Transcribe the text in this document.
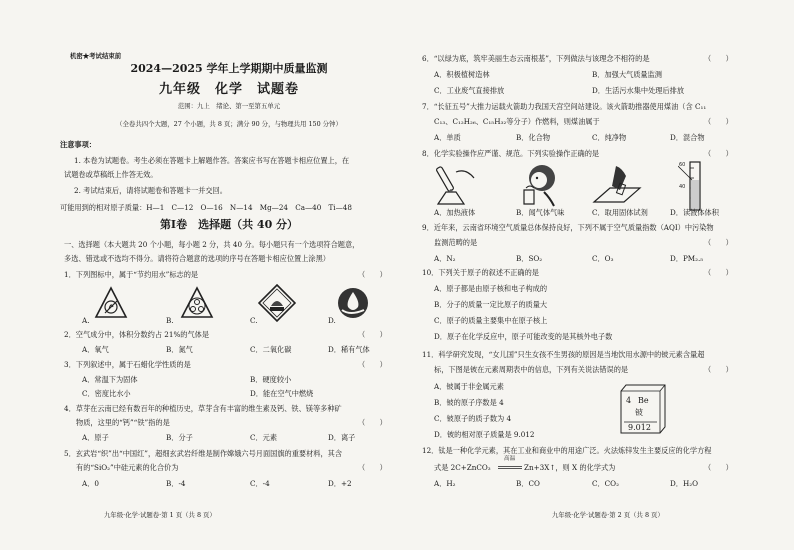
机密★考试结束前
2024—2025 学年上学期期中质量监测
九年级　化学　试题卷
范围：九上　绪论、第一至第五单元
（全卷共四个大题，27 个小题，共 8 页；满分 90 分，与物理共用 150 分钟）
注意事项：
1. 本卷为试题卷。考生必须在答题卡上解题作答。答案应书写在答题卡相应位置上，在
试题卷或草稿纸上作答无效。
2. 考试结束后，请将试题卷和答题卡一并交回。
可能用到的相对原子质量：H—1　C—12　O—16　N—14　Mg—24　Ca—40　Ti—48
第Ⅰ卷　选择题（共 40 分）
一、选择题（本大题共 20 个小题，每小题 2 分，共 40 分。每小题只有一个选项符合题意，
多选、错选或不选均不得分。请将符合题意的选项的序号在答题卡相应位置上涂黑）
1．下列图标中，属于“节约用水”标志的是	（　　）
A.	B.	C.	D.
2．空气成分中，体积分数约占 21%的气体是	（　　）
A．氧气	B．氮气	C．二氧化碳	D．稀有气体
3．下列叙述中，属于石蜡化学性质的是	（　　）
A．常温下为固体	B．硬度较小
C．密度比水小	D．能在空气中燃烧
4．草芽在云南已经有数百年的种植历史，草芽含有丰富的维生素及钙、铁、镁等多种矿
物质，这里的“钙”“铁”指的是	（　　）
A．原子	B．分子	C．元素	D．离子
5．玄武岩“织”出“中国红”，超细玄武岩纤维是制作嫦娥六号月面国旗的重要材料，其含
有的“SiO₂”中硅元素的化合价为	（　　）
A．0	B．-4	C．-4	D．+2
九年级·化学·试题卷·第 1 页（共 8 页）
6．“以绿为底，筑牢美丽生态云南根基”，下列做法与该理念不相符的是	（　　）
A．积极植树造林	B．加强大气质量监测
C．工业废气直接排放	D．生活污水集中处理后排放
7．“长征五号”大推力运载火箭助力我国天宫空间站建设。该火箭助推器使用煤油（含 C₁₁
C₁₃、C₁₂H₂₆、C₁₅H₃₂等分子）作燃料，则煤油属于	（　　）
A．单质	B．化合物	C．纯净物	D．混合物
8．化学实验操作应严谨、规范。下列实验操作正确的是	（　　）
60
40
A．加热液体	B．闻气体气味	C．取用固体试剂	D．读液体体积
9．近年来，云南省环境空气质量总体保持良好，下列不属于空气质量指数（AQI）中污染物
监测范畴的是	（　　）
A．N₂	B．SO₂	C．O₃	D．PM₂.₅
10．下列关于原子的叙述不正确的是	（　　）
A．原子都是由原子核和电子构成的
B．分子的质量一定比原子的质量大
C．原子的质量主要集中在原子核上
D．原子在化学反应中，原子可能改变的是其核外电子数
11．科学研究发现，“女儿国”只生女孩不生男孩的原因是当地饮用水源中的铍元素含量超
标，下图是铍在元素周期表中的信息，下列有关说法错误的是	（　　）
A．铍属于非金属元素
B．铍的原子序数是 4
C．铍原子的质子数为 4
D．铍的相对原子质量是 9.012
4 Be
铍
9.012
12．钛是一种化学元素，其在工业和商业中的用途广泛。火法炼锌发生主要反应的化学方程
式是 2C+ZnCO₃
高温
Zn+3X↑，则 X 的化学式为	（　　）
A．H₂	B．CO	C．CO₂	D．H₂O
九年级·化学·试题卷·第 2 页（共 8 页）
